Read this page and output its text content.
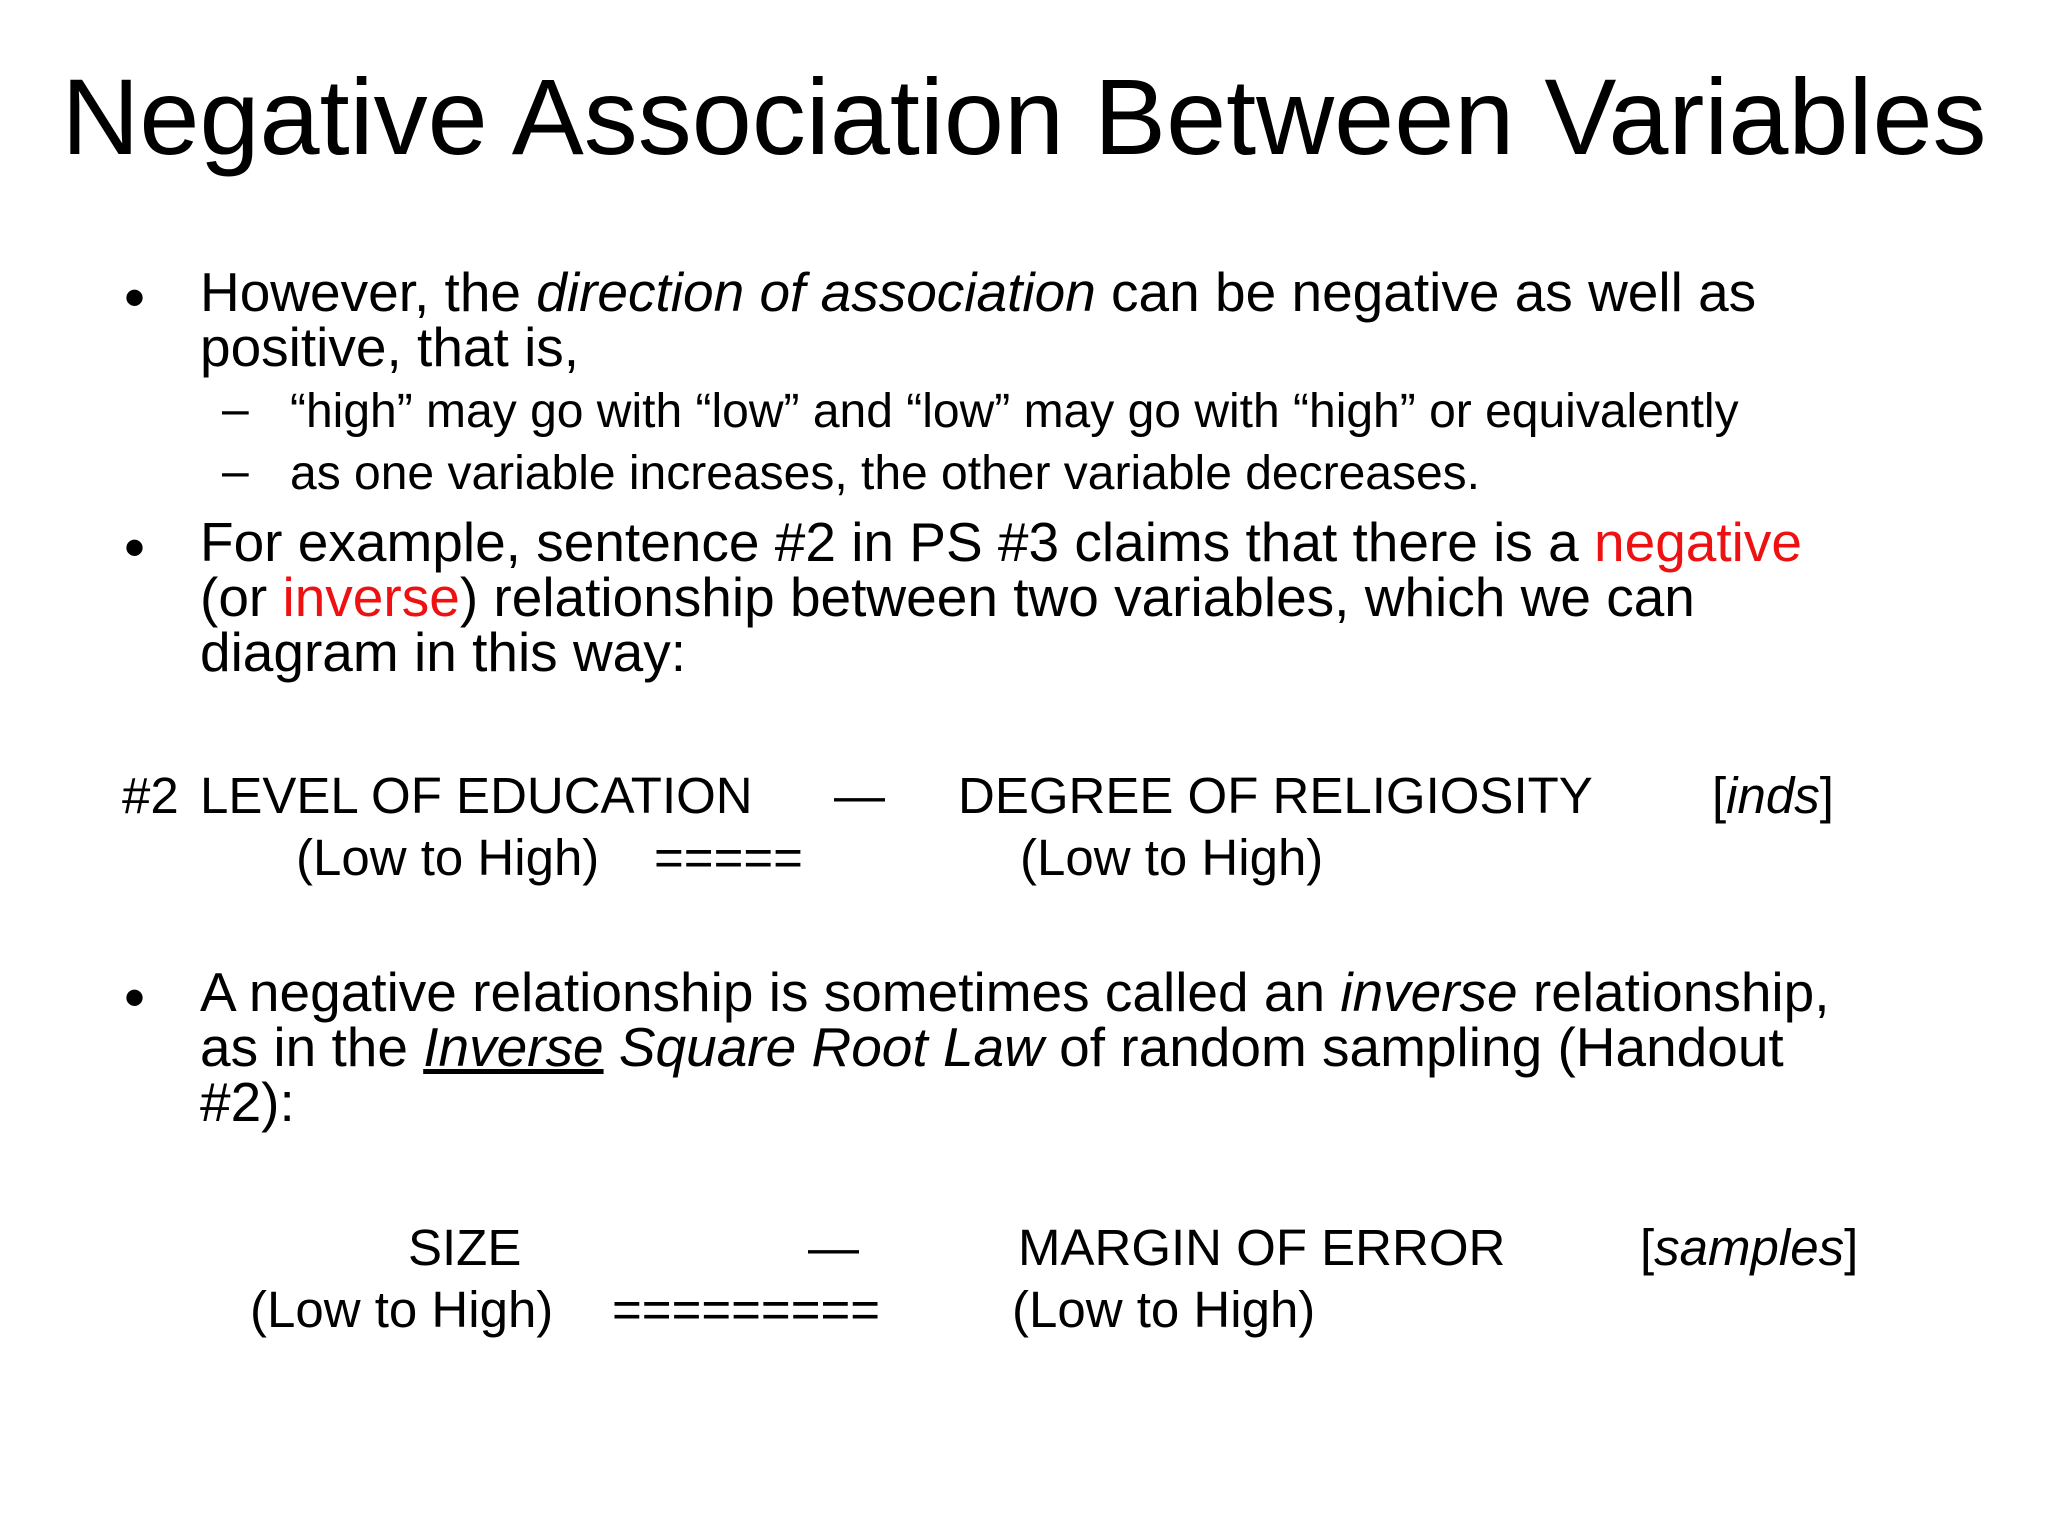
Negative Association Between Variables
• However, the direction of association can be negative as well as
positive, that is,
– “high” may go with “low” and “low” may go with “high” or equivalently
– as one variable increases, the other variable decreases.
• For example, sentence #2 in PS #3 claims that there is a negative
(or inverse) relationship between two variables, which we can
diagram in this way:
#2 LEVEL OF EDUCATION — DEGREE OF RELIGIOSITY [inds]
(Low to High) =====	(Low to High)
• A negative relationship is sometimes called an inverse relationship,
as in the Inverse Square Root Law of random sampling (Handout
#2):
SIZE	—	MARGIN OF ERROR	[samples]
(Low to High) =========	(Low to High)
